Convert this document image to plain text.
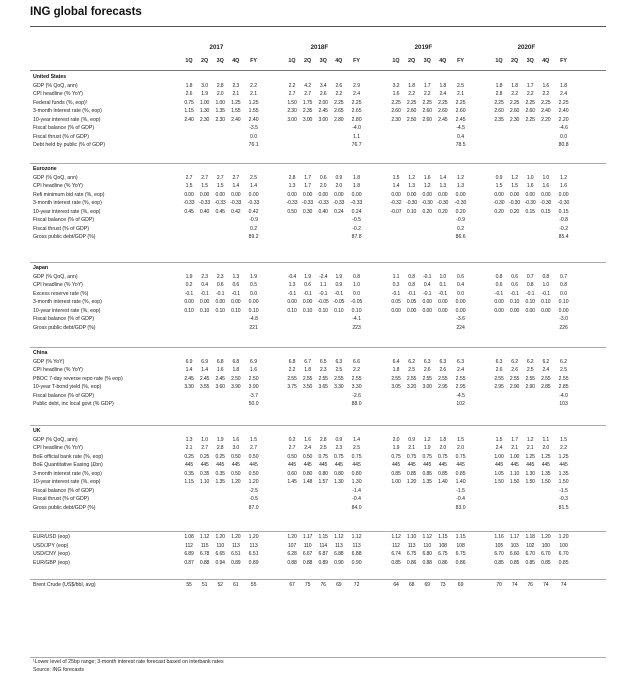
ING global forecasts
2017
1Q	2Q	3Q	4Q	FY
2018F
1Q	2Q	3Q	4Q	FY
2019F
1Q	2Q	3Q	4Q	FY
2020F
1Q	2Q	3Q	4Q	FY
United States
GDP (% QoQ, ann)	1.8	3.0	2.8	2.3	2.2	2.2	4.2	3.4	2.6	2.9	3.2	1.8	1.7	1.8	2.5	1.8	1.8	1.7	1.6	1.8
CPI headline (% YoY)	2.6	1.9	2.0	2.1	2.1	2.7	2.7	2.6	2.2	2.4	1.6	2.2	2.2	2.4	2.1	2.8	2.2	2.2	2.2	2.4
Federal funds (%, eop)¹	0.75	1.00	1.00	1.25	1.25	1.50	1.75	2.00	2.25	2.25	2.25	2.25	2.25	2.25	2.25	2.25	2.25	2.25	2.25	2.25
3-month interest rate (%, eop)	1.15	1.30	1.35	1.55	1.55	2.30	2.35	2.45	2.65	2.65	2.60	2.60	2.60	2.60	2.60	2.60	2.60	2.60	2.40	2.40
10-year interest rate (%, eop)	2.40	2.30	2.30	2.40	2.40	3.00	3.00	3.00	2.80	2.80	2.30	2.50	2.60	2.45	2.45	2.35	2.30	2.25	2.20	2.20
Fiscal balance (% of GDP)	-3.5	-4.0	-4.5	-4.6
Fiscal thrust (% of GDP)	0.0	1.1	0.4	0.0
Debt held by public (% of GDP)	76.1	76.7	78.5	80.8
Eurozone
GDP (% QoQ, ann)	2.7	2.7	2.7	2.7	2.5	2.8	1.7	0.6	0.9	1.8	1.5	1.2	1.6	1.4	1.2	0.9	1.2	1.0	1.0	1.2
CPI headline (% YoY)	1.5	1.5	1.5	1.4	1.4	1.3	1.7	2.0	2.0	1.8	1.4	1.3	1.2	1.3	1.3	1.5	1.5	1.6	1.6	1.6
Refi minimum bid rate (%, eop)	0.00	0.00	0.00	0.00	0.00	0.00	0.00	0.00	0.00	0.00	0.00	0.00	0.00	0.00	0.00	0.00	0.00	0.00	0.00	0.00
3-month interest rate (%, eop)	-0.33 -0.33 -0.33 -0.33	-0.33	-0.33 -0.33 -0.33 -0.33	-0.33	-0.32 -0.30 -0.30 -0.30	-0.30	-0.30 -0.30 -0.30 -0.30	-0.30
10-year interest rate (%, eop)	0.45	0.40	0.45	0.42	0.42	0.50	0.30	0.40	0.24	0.24	-0.07	0.10	0.20	0.20	0.20	0.20	0.20	0.15	0.15	0.15
Fiscal balance (% of GDP)	-0.9	-0.5	-0.9	-0.8
Fiscal thrust (% of GDP)	0.2	-0.2	0.2	-0.2
Gross public debt/GDP (%)	89.2	87.8	86.6	85.4
Japan
GDP (% QoQ, ann)	1.9	2.3	2.3	1.3	1.9	-0.4	1.9	-2.4	1.9	0.8	1.1	0.8	-0.1	1.0	0.6	0.8	0.6	0.7	0.8	0.7
CPI headline (% YoY)	0.2	0.4	0.6	0.6	0.5	1.3	0.6	1.1	0.9	1.0	0.3	0.8	0.4	0.1	0.4	0.6	0.6	0.8	1.0	0.8
Excess reserve rate (%)	-0.1	-0.1	-0.1	-0.1	0.0	-0.1	-0.1	-0.1	-0.1	0.0	-0.1	-0.1	-0.1	-0.1	0.0	-0.1	-0.1	-0.1	-0.1	0.0
3-month interest rate (%, eop)	0.00	0.00	0.00	0.00	0.00	0.00	0.00	-0.05 -0.05	-0.05	0.05	0.05	0.00	0.00	0.00	0.00	0.10	0.10	0.10	0.10
10-year interest rate (%, eop)	0.10	0.10	0.10	0.10	0.10	0.10	0.10	0.10	0.10	0.10	0.00	0.00	0.00	0.00	0.00	0.00	0.00	0.00	0.00	0.00
Fiscal balance (% of GDP)	-4.8	-4.1	-3.6	-3.0
Gross public debt/GDP (%)	221	223	224	226
China
GDP (% YoY)	6.9	6.9	6.8	6.8	6.9	6.8	6.7	6.5	6.3	6.6	6.4	6.2	6.3	6.3	6.3	6.3	6.2	6.2	6.2	6.2
CPI headline (% YoY)	1.4	1.4	1.6	1.8	1.6	2.2	1.8	2.3	2.5	2.2	1.8	2.5	2.6	2.6	2.4	2.6	2.6	2.5	2.4	2.5
PBOC 7-day reverse repo rate (% eop)	2.45	2.45	2.45	2.50	2.50	2.55	2.55	2.55	2.55	2.55	2.55	2.55	2.55	2.55	2.55	2.55	2.55	2.55	2.55	2.55
10-year T-bond yield (%, eop)	3.30	3.55	3.60	3.90	3.90	3.75	3.50	3.65	3.30	3.30	3.05	3.20	3.00	2.95	2.95	2.95	2.90	2.90	2.85	2.85
Fiscal balance (% of GDP)	-3.7	-2.6	-4.5	-4.0
Public debt, inc local govt (% GDP)	50.0	88.0	102	103
UK
GDP (% QoQ, ann)	1.3	1.0	1.9	1.6	1.5	0.2	1.6	2.8	0.9	1.4	2.0	0.9	1.2	1.8	1.5	1.5	1.7	1.2	1.1	1.5
CPI headline (% YoY)	2.1	2.7	2.8	3.0	2.7	2.7	2.4	2.5	2.3	2.5	1.9	2.1	1.9	2.0	2.0	2.4	2.1	2.1	2.0	2.2
BoE official bank rate (%, eop)	0.25	0.25	0.25	0.50	0.50	0.50	0.50	0.75	0.75	0.75	0.75	0.75	0.75	0.75	0.75	1.00	1.00	1.25	1.25	1.25
BoE Quantitative Easing (£bn)	445	445	445	445	445	445	445	445	445	445	445	445	445	445	445	445	445	445	445	445
3-month interest rate (%, eop)	0.35	0.35	0.35	0.50	0.50	0.60	0.80	0.80	0.80	0.80	0.85	0.85	0.85	0.85	0.85	1.05	1.10	1.30	1.35	1.35
10-year interest rate (%, eop)	1.15	1.10	1.35	1.20	1.20	1.45	1.48	1.57	1.30	1.30	1.00	1.20	1.35	1.40	1.40	1.50	1.50	1.50	1.50	1.50
Fiscal balance (% of GDP)	-2.5	-1.4	-1.5	-1.5
Fiscal thrust (% of GDP)	-0.5	-0.4	-0.4	-0.3
Gross public debt/GDP (%)	87.0	84.0	83.0	81.5
EUR/USD (eop)	1.08	1.12	1.20	1.20	1.20	1.20	1.17	1.15	1.12	1.12	1.12	1.10	1.12	1.15	1.15	1.16	1.17	1.18	1.20	1.20
USD/JPY (eop)	112	115	110	113	113	107	110	114	113	113	112	113	110	108	108	105	103	102	100	100
USD/CNY (eop)	6.89	6.78	6.65	6.51	6.51	6.28	6.67	6.87	6.88	6.88	6.74	6.75	6.80	6.75	6.75	6.70	6.60	6.70	6.70	6.70
EUR/GBP (eop)	0.87	0.88	0.94	0.89	0.89	0.88	0.88	0.89	0.90	0.90	0.85	0.86	0.88	0.86	0.86	0.85	0.85	0.85	0.85	0.85
Brent Crude (US$/bbl, avg)	55	51	52	61	55	67	75	76	69	72	64	68	69	73	69	70	74	76	74	74
¹Lower level of 25bp range; 3-month interest rate forecast based on interbank rates
Source: ING forecasts
